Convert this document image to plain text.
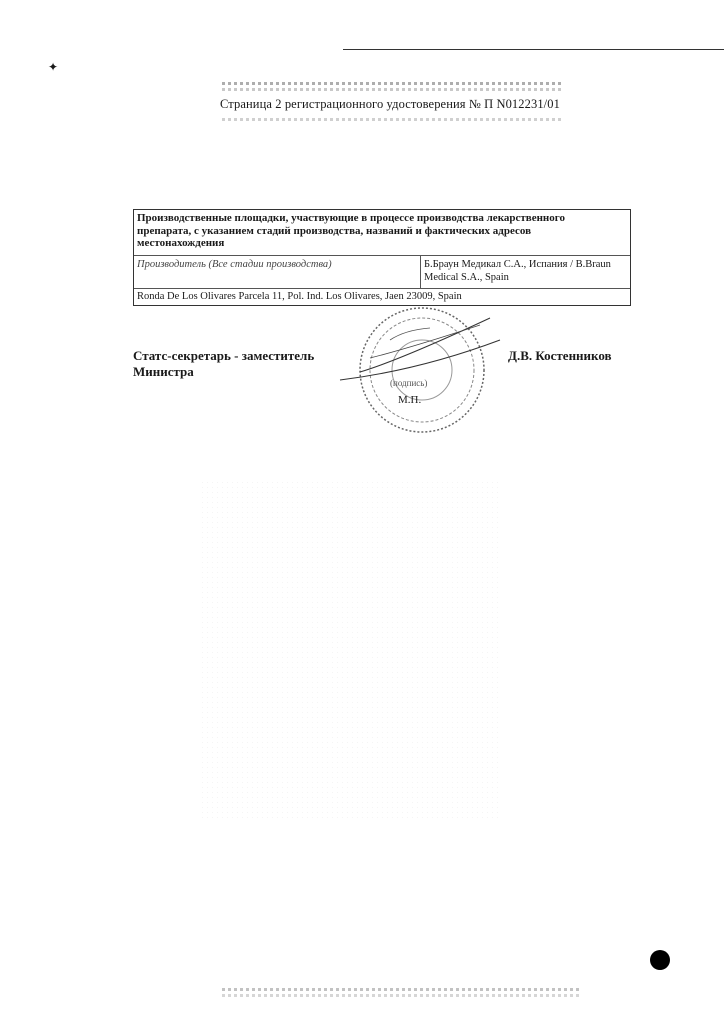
✦
Страница 2 регистрационного удостоверения № П N012231/01
Производственные площадки, участвующие в процессе производства лекарственного препарата, с указанием стадий производства, названий и фактических адресов местонахождения
Производитель (Все стадии производства)	Б.Браун Медикал С.А., Испания / B.Braun Medical S.A., Spain
Ronda De Los Olivares Parcela 11, Pol. Ind. Los Olivares, Jaen 23009, Spain
Статс-секретарь - заместитель Министра
Д.В. Костенников
(подпись)
М.П.
